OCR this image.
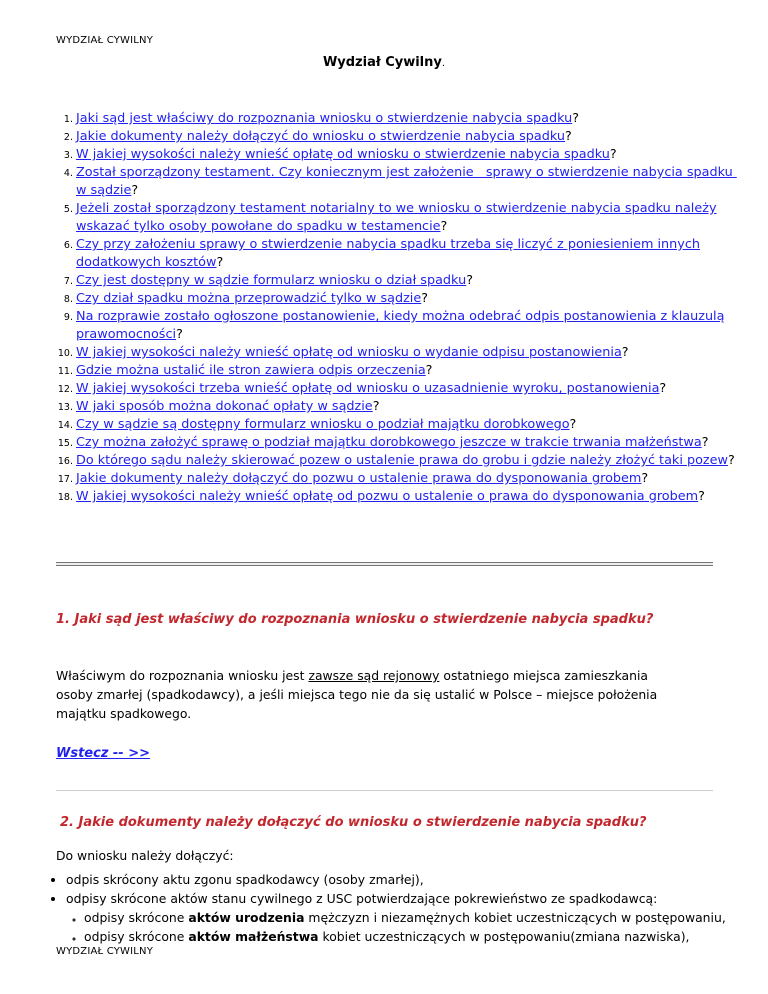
WYDZIAŁ CYWILNY
Wydział Cywilny.
1. Jaki sąd jest właściwy do rozpoznania wniosku o stwierdzenie nabycia spadku?
2. Jakie dokumenty należy dołączyć do wniosku o stwierdzenie nabycia spadku?
3. W jakiej wysokości należy wnieść opłatę od wniosku o stwierdzenie nabycia spadku?
4. Został sporządzony testament. Czy koniecznym jest założenie   sprawy o stwierdzenie nabycia spadku w sądzie?
5. Jeżeli został sporządzony testament notarialny to we wniosku o stwierdzenie nabycia spadku należy wskazać tylko osoby powołane do spadku w testamencie?
6. Czy przy założeniu sprawy o stwierdzenie nabycia spadku trzeba się liczyć z poniesieniem innych dodatkowych kosztów?
7. Czy jest dostępny w sądzie formularz wniosku o dział spadku?
8. Czy dział spadku można przeprowadzić tylko w sądzie?
9. Na rozprawie zostało ogłoszone postanowienie, kiedy można odebrać odpis postanowienia z klauzulą prawomocności?
10. W jakiej wysokości należy wnieść opłatę od wniosku o wydanie odpisu postanowienia?
11. Gdzie można ustalić ile stron zawiera odpis orzeczenia?
12. W jakiej wysokości trzeba wnieść opłatę od wniosku o uzasadnienie wyroku, postanowienia?
13. W jaki sposób można dokonać opłaty w sądzie?
14. Czy w sądzie są dostępny formularz wniosku o podział majątku dorobkowego?
15. Czy można założyć sprawę o podział majątku dorobkowego jeszcze w trakcie trwania małżeństwa?
16. Do którego sądu należy skierować pozew o ustalenie prawa do grobu i gdzie należy złożyć taki pozew?
17. Jakie dokumenty należy dołączyć do pozwu o ustalenie prawa do dysponowania grobem?
18. W jakiej wysokości należy wnieść opłatę od pozwu o ustalenie o prawa do dysponowania grobem?
1. Jaki sąd jest właściwy do rozpoznania wniosku o stwierdzenie nabycia spadku?
Właściwym do rozpoznania wniosku jest zawsze sąd rejonowy ostatniego miejsca zamieszkania osoby zmarłej (spadkodawcy), a jeśli miejsca tego nie da się ustalić w Polsce – miejsce położenia majątku spadkowego.
Wstecz -- >>
2. Jakie dokumenty należy dołączyć do wniosku o stwierdzenie nabycia spadku?
Do wniosku należy dołączyć:
• odpis skrócony aktu zgonu spadkodawcy (osoby zmarłej),
• odpisy skrócone aktów stanu cywilnego z USC potwierdzające pokrewieństwo ze spadkodawcą:
◦ odpisy skrócone aktów urodzenia mężczyzn i niezamężnych kobiet uczestniczących w postępowaniu,
◦ odpisy skrócone aktów małżeństwa kobiet uczestniczących w postępowaniu(zmiana nazwiska),
WYDZIAŁ CYWILNY
